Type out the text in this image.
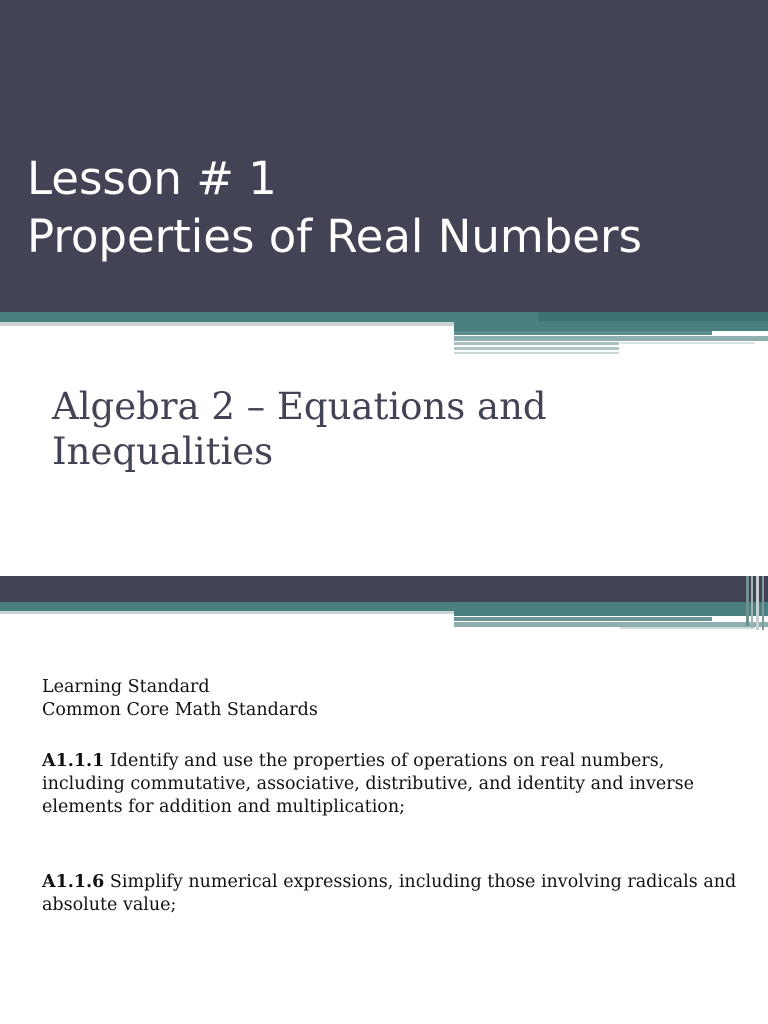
Lesson # 1
Properties of Real Numbers
Algebra 2 – Equations and
Inequalities

Learning Standard
Common Core Math Standards

A1.1.1 Identify and use the properties of operations on real numbers, including commutative, associative, distributive, and identity and inverse elements for addition and multiplication;

A1.1.6 Simplify numerical expressions, including those involving radicals and absolute value;
